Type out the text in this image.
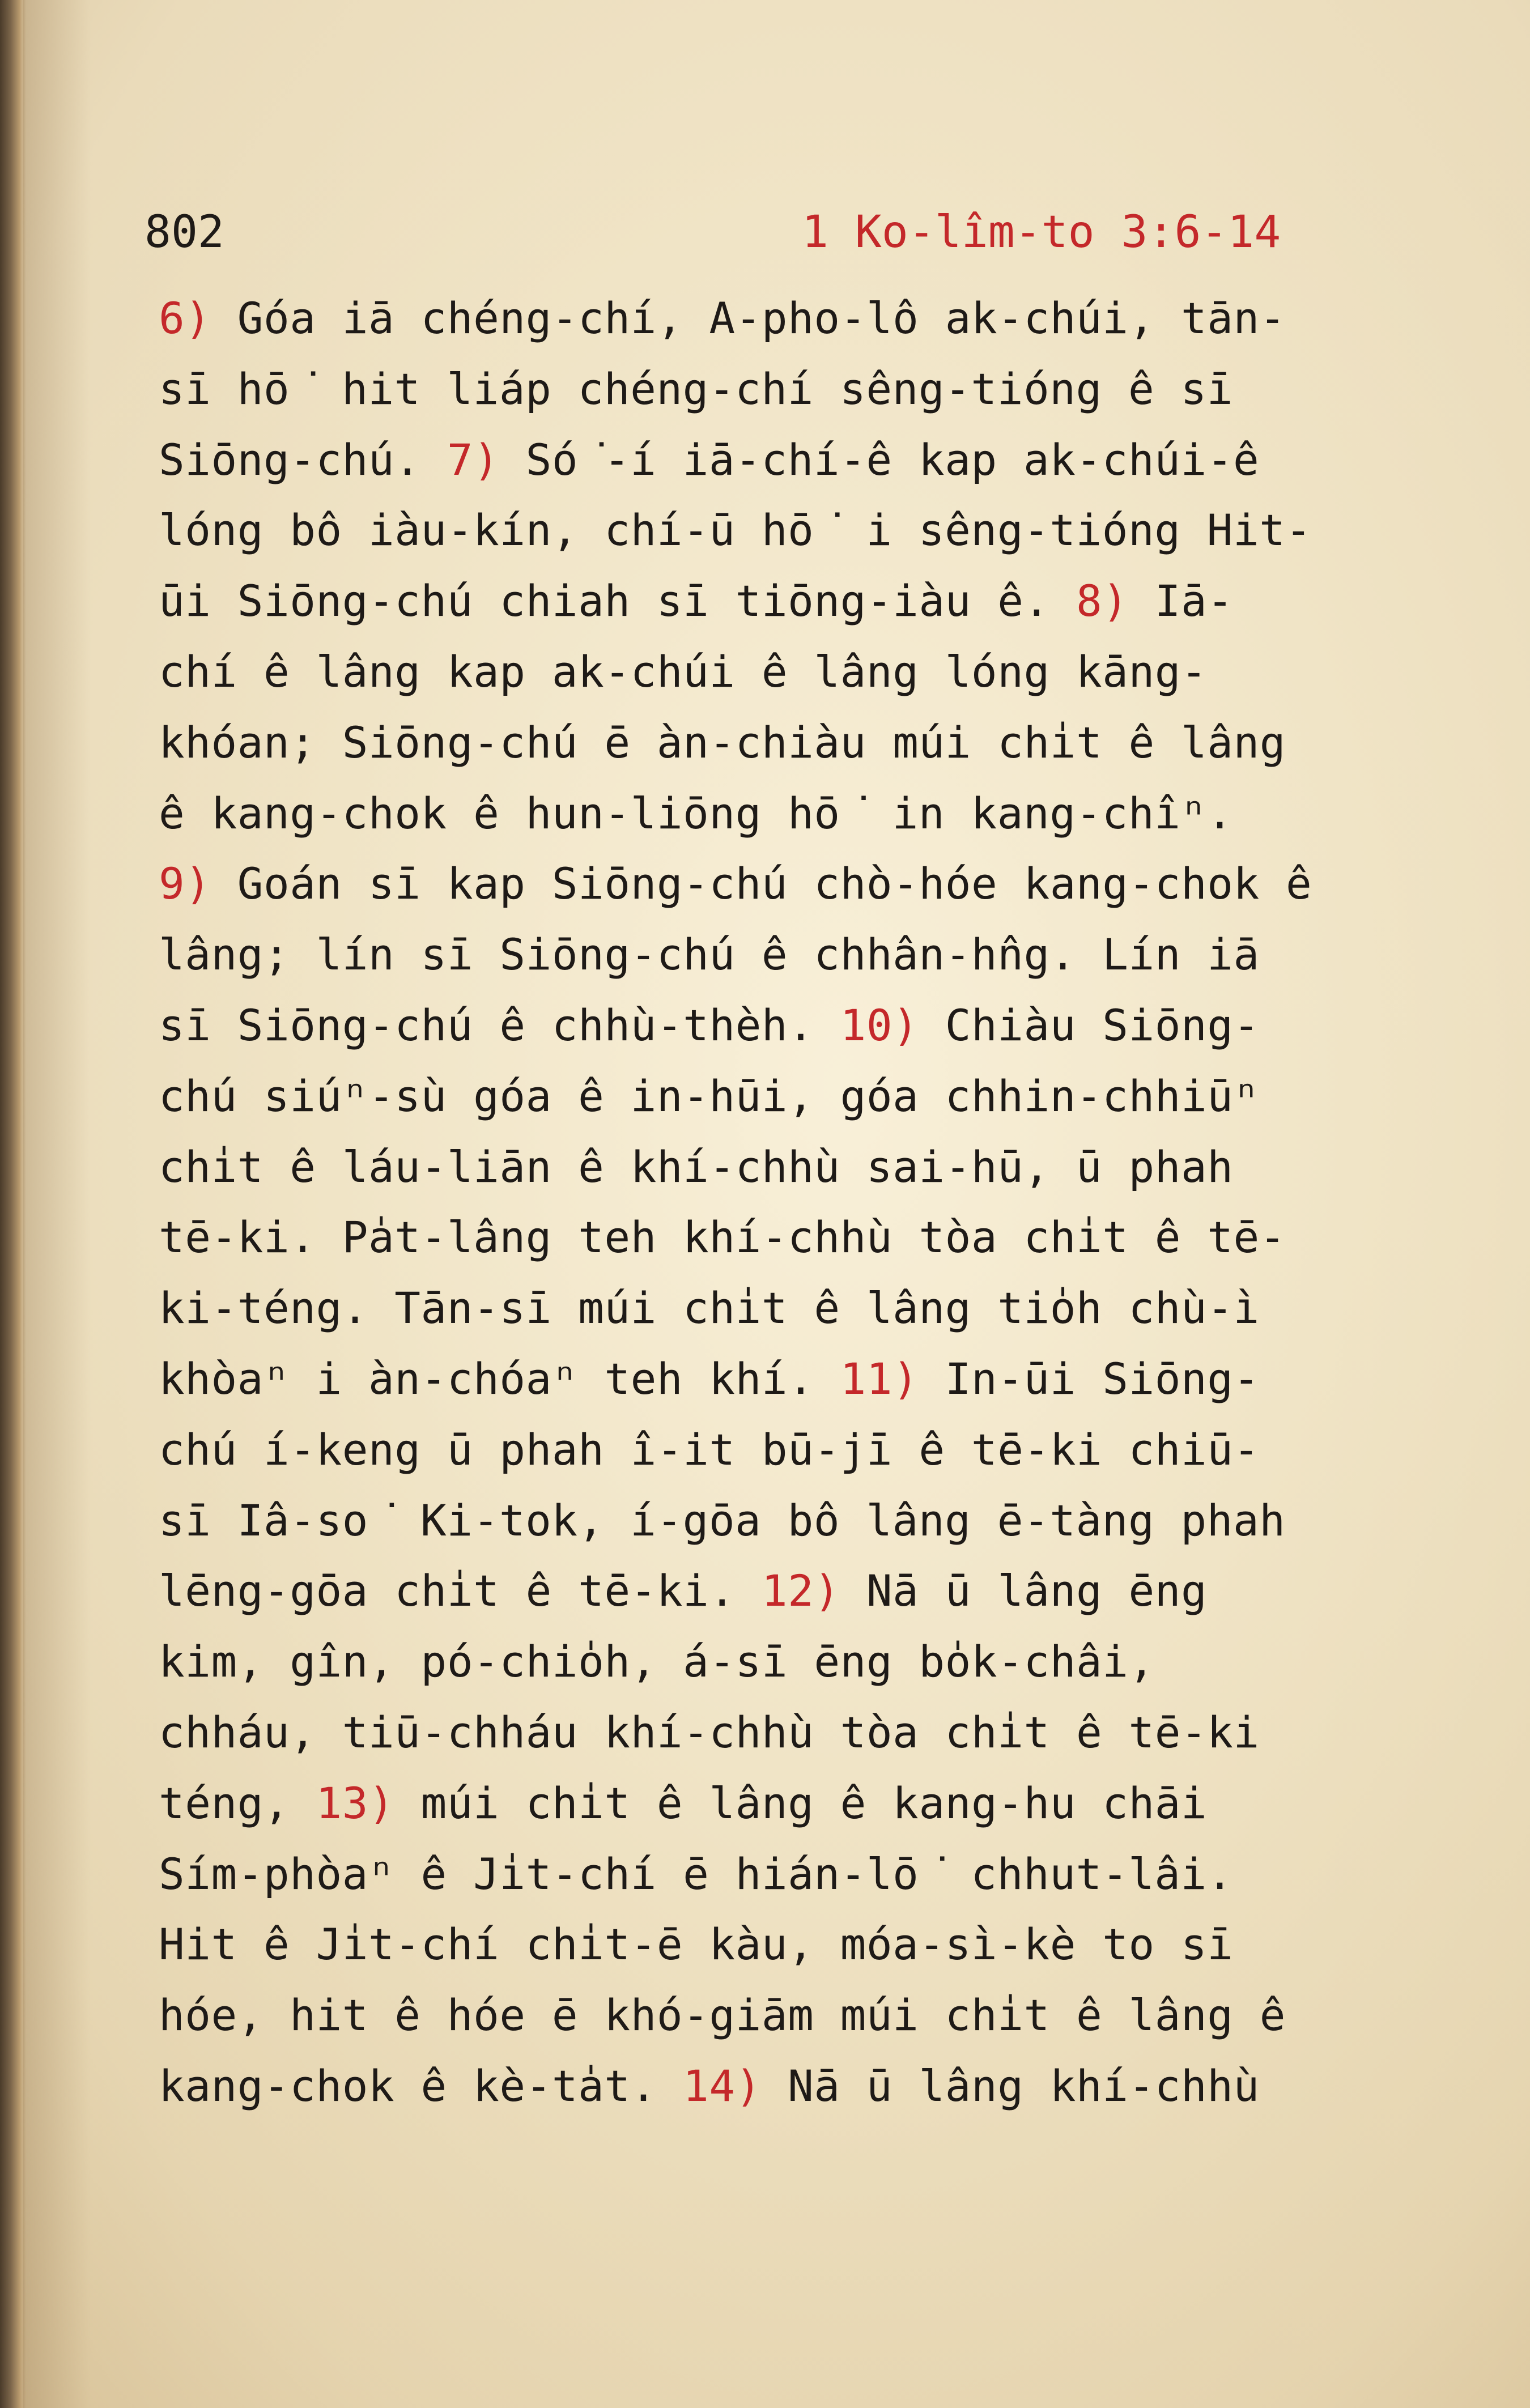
802	1 Ko-lîm-to 3:6-14
6) Góa iā chéng-chí, A-pho-lô ak-chúi, tān-
sī hō͘ hit liáp chéng-chí sêng-tióng ê sī
Siōng-chú. 7) Só͘-í iā-chí-ê kap ak-chúi-ê
lóng bô iàu-kín, chí-ū hō͘ i sêng-tióng Hit-
ūi Siōng-chú chiah sī tiōng-iàu ê. 8) Iā-
chí ê lâng kap ak-chúi ê lâng lóng kāng-
khóan; Siōng-chú ē àn-chiàu múi chi̍t ê lâng
ê kang-chok ê hun-liōng hō͘ in kang-chîⁿ.
9) Goán sī kap Siōng-chú chò-hóe kang-chok ê
lâng; lín sī Siōng-chú ê chhân-hn̂g. Lín iā
sī Siōng-chú ê chhù-thèh. 10) Chiàu Siōng-
chú siúⁿ-sù góa ê in-hūi, góa chhin-chhiūⁿ
chi̍t ê láu-liān ê khí-chhù sai-hū, ū phah
tē-ki. Pa̍t-lâng teh khí-chhù tòa chi̍t ê tē-
ki-téng. Tān-sī múi chi̍t ê lâng tio̍h chù-ì
khòaⁿ i àn-chóaⁿ teh khí. 11) In-ūi Siōng-
chú í-keng ū phah î-it bū-jī ê tē-ki chiū-
sī Iâ-so͘ Ki-tok, í-gōa bô lâng ē-tàng phah
lēng-gōa chi̍t ê tē-ki. 12) Nā ū lâng ēng
kim, gîn, pó-chio̍h, á-sī ēng bo̍k-châi,
chháu, tiū-chháu khí-chhù tòa chi̍t ê tē-ki
téng, 13) múi chi̍t ê lâng ê kang-hu chāi
Sím-phòaⁿ ê Ji̍t-chí ē hián-lō͘ chhut-lâi.
Hit ê Ji̍t-chí chi̍t-ē kàu, móa-sì-kè to sī
hóe, hit ê hóe ē khó-giām múi chi̍t ê lâng ê
kang-chok ê kè-ta̍t. 14) Nā ū lâng khí-chhù
